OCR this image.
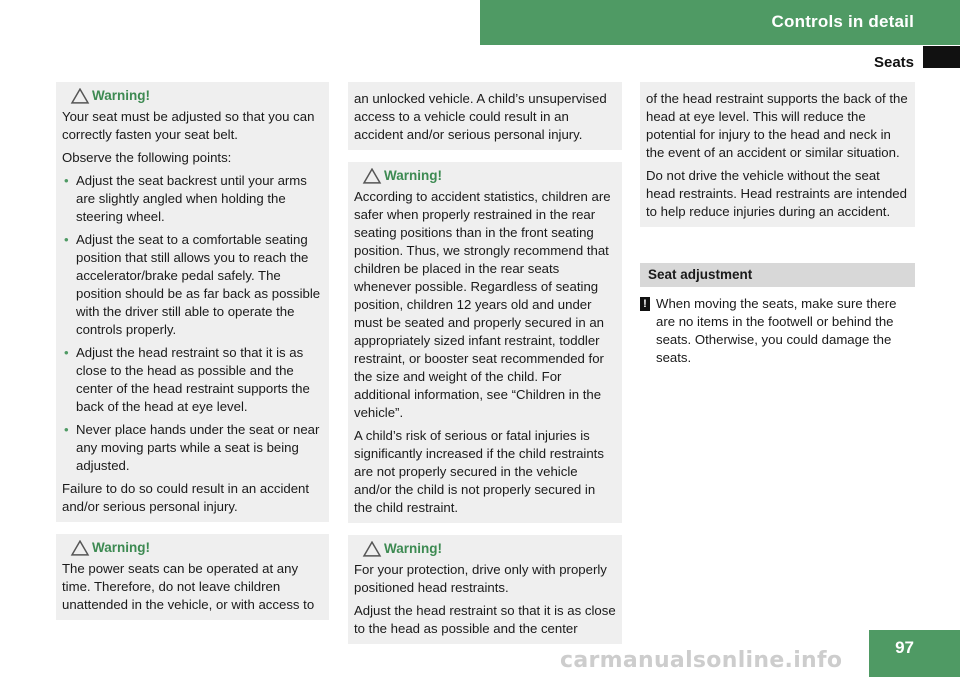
Controls in detail
Seats
Warning!

Your seat must be adjusted so that you can correctly fasten your seat belt.

Observe the following points:

• Adjust the seat backrest until your arms are slightly angled when holding the steering wheel.
• Adjust the seat to a comfortable seating position that still allows you to reach the accelerator/brake pedal safely. The position should be as far back as possible with the driver still able to operate the controls properly.
• Adjust the head restraint so that it is as close to the head as possible and the center of the head restraint supports the back of the head at eye level.
• Never place hands under the seat or near any moving parts while a seat is being adjusted.

Failure to do so could result in an accident and/or serious personal injury.

Warning!

The power seats can be operated at any time. Therefore, do not leave children unattended in the vehicle, or with access to

an unlocked vehicle. A child’s unsupervised access to a vehicle could result in an accident and/or serious personal injury.

Warning!

According to accident statistics, children are safer when properly restrained in the rear seating positions than in the front seating position. Thus, we strongly recommend that children be placed in the rear seats whenever possible. Regardless of seating position, children 12 years old and under must be seated and properly secured in an appropriately sized infant restraint, toddler restraint, or booster seat recommended for the size and weight of the child. For additional information, see “Children in the vehicle”.

A child’s risk of serious or fatal injuries is significantly increased if the child restraints are not properly secured in the vehicle and/or the child is not properly secured in the child restraint.

Warning!

For your protection, drive only with properly positioned head restraints.

Adjust the head restraint so that it is as close to the head as possible and the center

of the head restraint supports the back of the head at eye level. This will reduce the potential for injury to the head and neck in the event of an accident or similar situation.

Do not drive the vehicle without the seat head restraints. Head restraints are intended to help reduce injuries during an accident.

Seat adjustment
! When moving the seats, make sure there are no items in the footwell or behind the seats. Otherwise, you could damage the seats.
97
carmanualsonline.info
